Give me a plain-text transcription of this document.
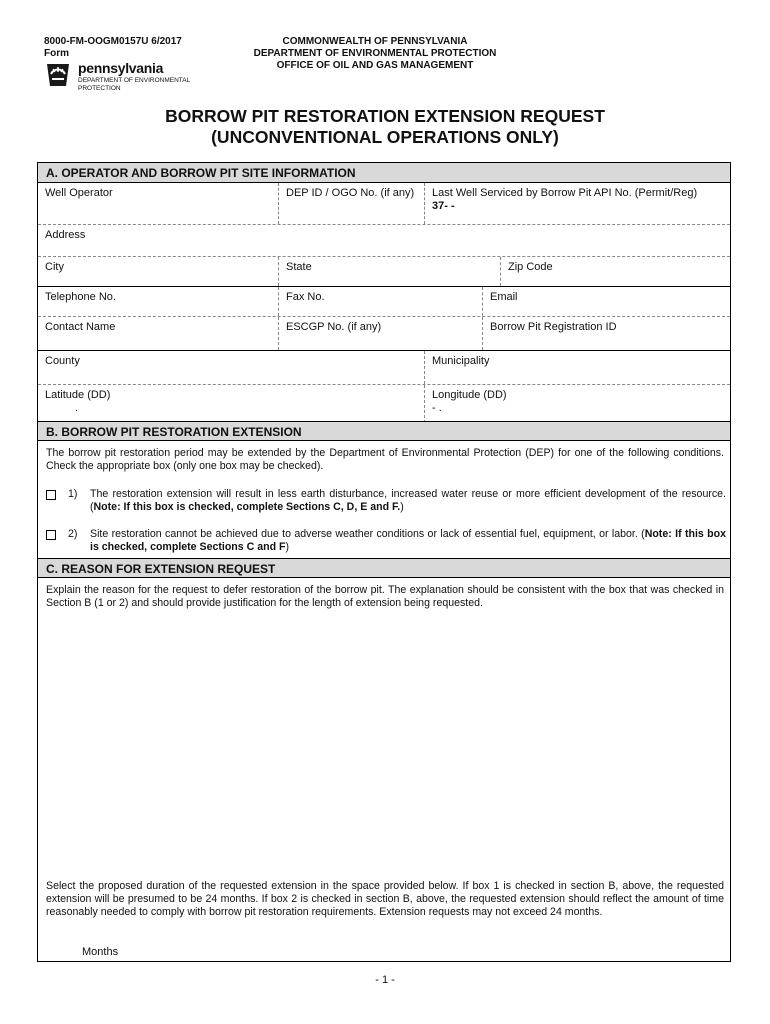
8000-FM-OOGM0157U 6/2017
Form
COMMONWEALTH OF PENNSYLVANIA
DEPARTMENT OF ENVIRONMENTAL PROTECTION
OFFICE OF OIL AND GAS MANAGEMENT
pennsylvania
DEPARTMENT OF ENVIRONMENTAL PROTECTION
BORROW PIT RESTORATION EXTENSION REQUEST
(UNCONVENTIONAL OPERATIONS ONLY)
A. OPERATOR AND BORROW PIT SITE INFORMATION
Well Operator	DEP ID / OGO No. (if any)	Last Well Serviced by Borrow Pit API No. (Permit/Reg)
37- -
Address
City	State	Zip Code
Telephone No.	Fax No.	Email
Contact Name	ESCGP No. (if any)	Borrow Pit Registration ID
County	Municipality
Latitude (DD)
.
Longitude (DD)
- .
B. BORROW PIT RESTORATION EXTENSION
The borrow pit restoration period may be extended by the Department of Environmental Protection (DEP) for one of the following conditions. Check the appropriate box (only one box may be checked).
1) The restoration extension will result in less earth disturbance, increased water reuse or more efficient development of the resource. (Note: If this box is checked, complete Sections C, D, E and F.)
2) Site restoration cannot be achieved due to adverse weather conditions or lack of essential fuel, equipment, or labor. (Note: If this box is checked, complete Sections C and F)
C. REASON FOR EXTENSION REQUEST
Explain the reason for the request to defer restoration of the borrow pit. The explanation should be consistent with the box that was checked in Section B (1 or 2) and should provide justification for the length of extension being requested.
Select the proposed duration of the requested extension in the space provided below. If box 1 is checked in section B, above, the requested extension will be presumed to be 24 months. If box 2 is checked in section B, above, the requested extension should reflect the amount of time reasonably needed to comply with borrow pit restoration requirements. Extension requests may not exceed 24 months.
Months
- 1 -
